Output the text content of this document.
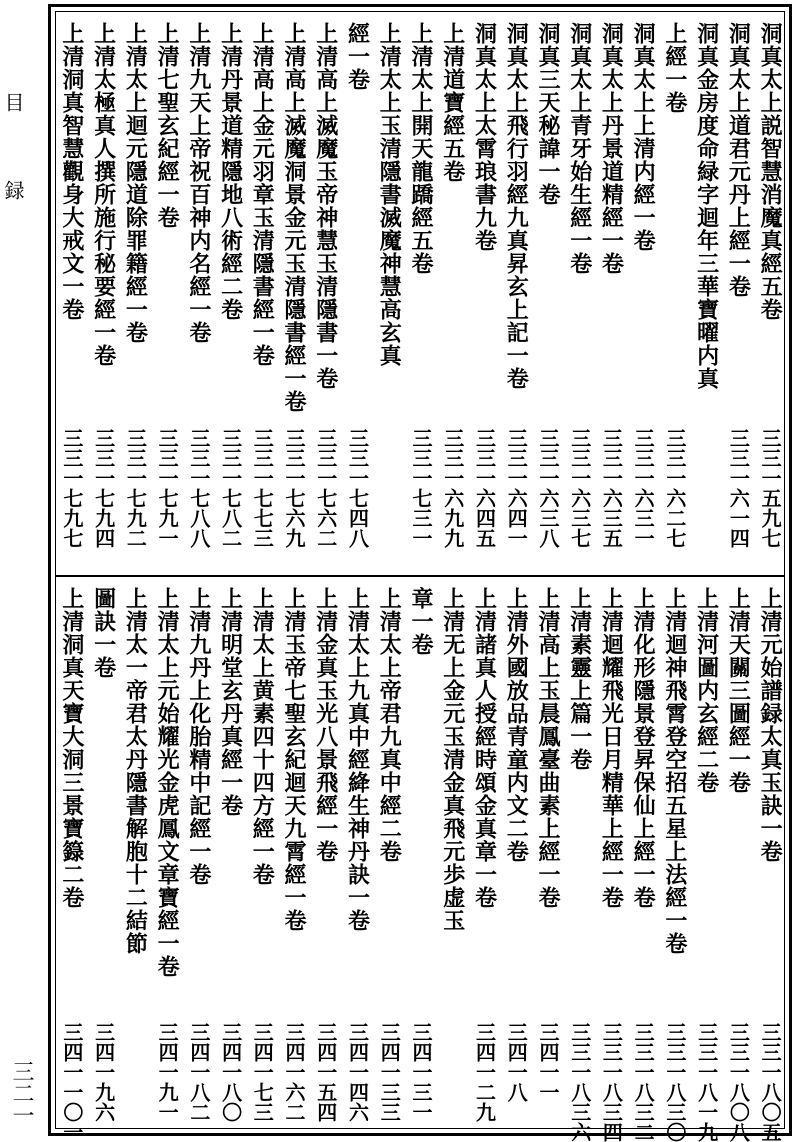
目
録
三二一
洞真太上説智慧消魔真經五卷
三三一五九七
洞真太上道君元丹上經一卷
三三一六一四
洞真金房度命緑字迴年三華寶曜内真
上經一卷
三三一六二七
洞真太上上清内經一卷
三三一六三一
洞真太上丹景道精經一卷
三三一六三五
洞真太上青牙始生經一卷
三三一六三七
洞真三天秘諱一卷
三三一六三八
洞真太上飛行羽經九真昇玄上記一卷
三三一六四一
洞真太上太霄琅書九卷
三三一六四五
上清道寶經五卷
三三一六九九
上清太上開天龍蹻經五卷
三三一七三一
上清太上玉清隱書滅魔神慧高玄真
經一卷
三三一七四八
上清高上滅魔玉帝神慧玉清隱書一卷
三三一七六二
上清高上滅魔洞景金元玉清隱書經一卷
三三一七六九
上清高上金元羽章玉清隱書經一卷
三三一七七三
上清丹景道精隱地八術經二卷
三三一七八二
上清九天上帝祝百神内名經一卷
三三一七八八
上清七聖玄紀經一卷
三三一七九一
上清太上迴元隱道除罪籍經一卷
三三一七九二
上清太極真人撰所施行秘要經一卷
三三一七九四
上清洞真智慧觀身大戒文一卷
三三一七九七
上清元始譜録太真玉訣一卷
三三一八〇五
上清天關三圖經一卷
三三一八〇八
上清河圖内玄經二卷
三三一八一九
上清迴神飛霄登空招五星上法經一卷
三三一八三〇
上清化形隱景登昇保仙上經一卷
三三一八三二
上清迴耀飛光日月精華上經一卷
三三一八三四
上清素靈上篇一卷
三三一八三六
上清高上玉晨鳳臺曲素上經一卷
三四一一
上清外國放品青童内文二卷
三四一八
上清諸真人授經時頌金真章一卷
三四一二九
上清无上金元玉清金真飛元歩虚玉
章一卷
三四一三一
上清太上帝君九真中經二卷
三四一三三
上清太上九真中經絳生神丹訣一卷
三四一四六
上清金真玉光八景飛經一卷
三四一五四
上清玉帝七聖玄紀迴天九霄經一卷
三四一六二
上清太上黄素四十四方經一卷
三四一七三
上清明堂玄丹真經一卷
三四一八〇
上清九丹上化胎精中記經一卷
三四一八二
上清太上元始耀光金虎鳳文章寶經一卷
三四一九一
上清太一帝君太丹隱書解胞十二結節
圖訣一卷
三四一九六
上清洞真天寶大洞三景寶籙二卷
三四一一〇一
